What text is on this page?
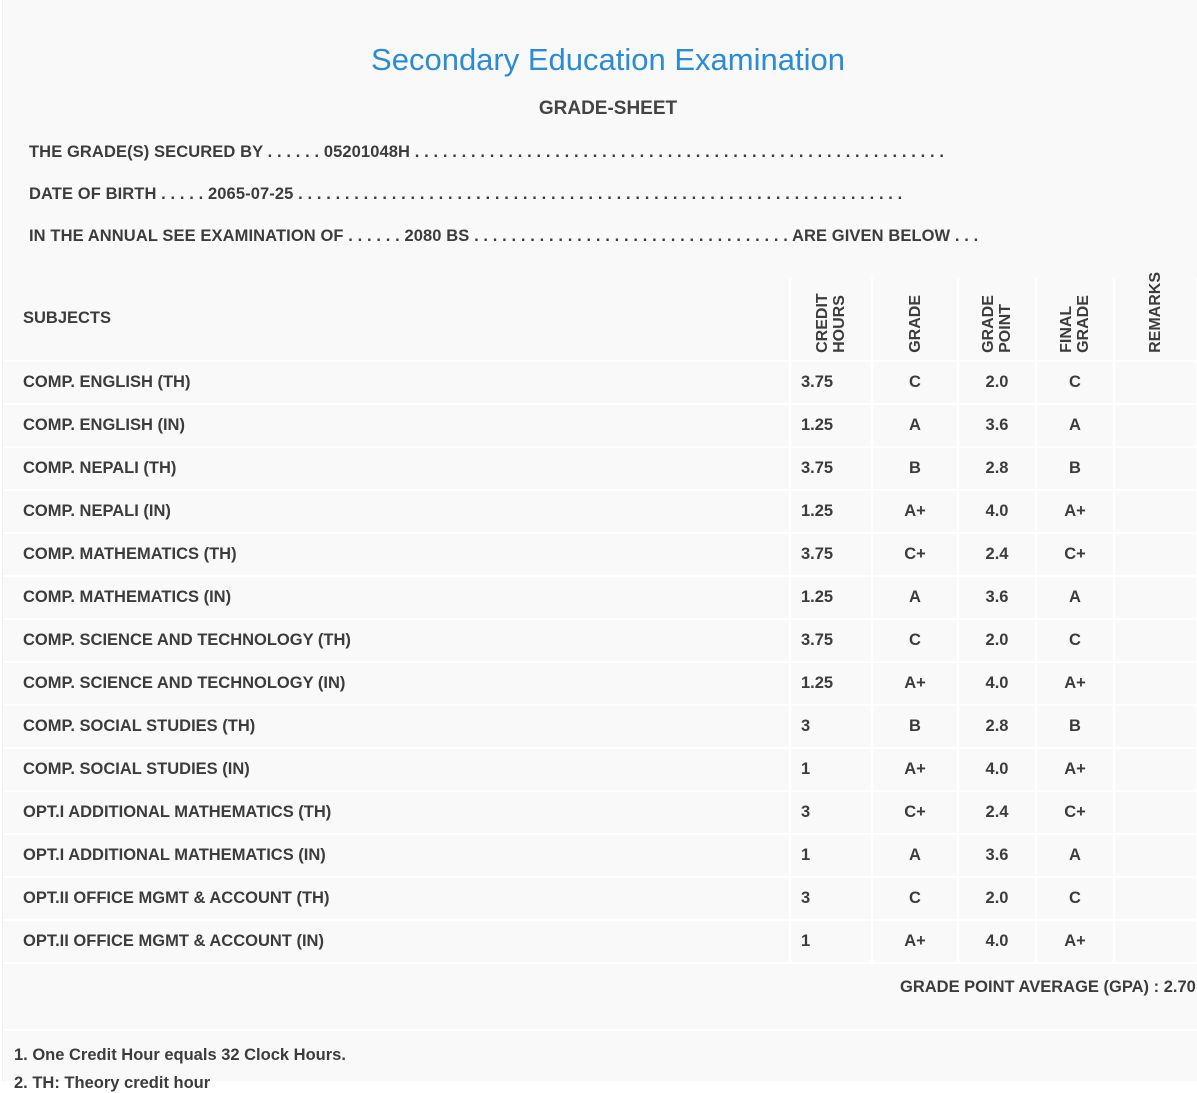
Secondary Education Examination
GRADE-SHEET
THE GRADE(S) SECURED BY . . . . . . 05201048H . . . . . . . . . . . . . . . . . . . . . . . . . . . . . . . . . . . . . . . . . . . . . . . . . . . . . . . . .
DATE OF BIRTH . . . . . 2065-07-25 . . . . . . . . . . . . . . . . . . . . . . . . . . . . . . . . . . . . . . . . . . . . . . . . . . . . . . . . . . . . . . . . .
IN THE ANNUAL SEE EXAMINATION OF . . . . . . 2080 BS . . . . . . . . . . . . . . . . . . . . . . . . . . . . . . . . . . ARE GIVEN BELOW . . .
SUBJECTS	CREDIT HOURS	GRADE	GRADE POINT	FINAL GRADE	REMARKS
COMP. ENGLISH (TH)	3.75	C	2.0	C	
COMP. ENGLISH (IN)	1.25	A	3.6	A	
COMP. NEPALI (TH)	3.75	B	2.8	B	
COMP. NEPALI (IN)	1.25	A+	4.0	A+	
COMP. MATHEMATICS (TH)	3.75	C+	2.4	C+	
COMP. MATHEMATICS (IN)	1.25	A	3.6	A	
COMP. SCIENCE AND TECHNOLOGY (TH)	3.75	C	2.0	C	
COMP. SCIENCE AND TECHNOLOGY (IN)	1.25	A+	4.0	A+	
COMP. SOCIAL STUDIES (TH)	3	B	2.8	B	
COMP. SOCIAL STUDIES (IN)	1	A+	4.0	A+	
OPT.I ADDITIONAL MATHEMATICS (TH)	3	C+	2.4	C+	
OPT.I ADDITIONAL MATHEMATICS (IN)	1	A	3.6	A	
OPT.II OFFICE MGMT & ACCOUNT (TH)	3	C	2.0	C	
OPT.II OFFICE MGMT & ACCOUNT (IN)	1	A+	4.0	A+	
GRADE POINT AVERAGE (GPA) : 2.70
1. One Credit Hour equals 32 Clock Hours.
2. TH: Theory credit hour
